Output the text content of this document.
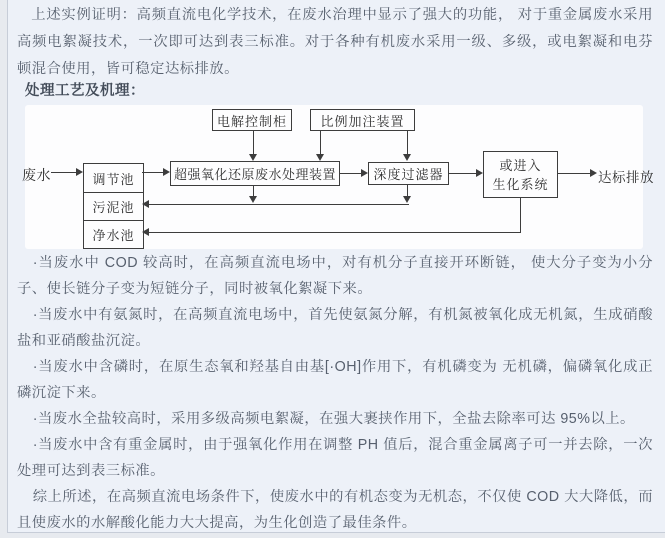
上述实例证明：高频直流电化学技术，在废水治理中显示了强大的功能， 对于重金属废水采用高频电絮凝技术，一次即可达到表三标准。对于各种有机废水采用一级、多级，或电絮凝和电芬顿混合使用，皆可稳定达标排放。

处理工艺及机理：
废水	达标排放
电解控制柜	比例加注装置
调节池
污泥池
净水池
超强氧化还原废水处理装置	深度过滤器
或进入
生化系统

·当废水中 COD 较高时，在高频直流电场中，对有机分子直接开环断链， 使大分子变为小分子、使长链分子变为短链分子，同时被氧化絮凝下来。

·当废水中有氨氮时，在高频直流电场中，首先使氨氮分解，有机氮被氧化成无机氮，生成硝酸盐和亚硝酸盐沉淀。

·当废水中含磷时，在原生态氧和羟基自由基[·OH]作用下，有机磷变为 无机磷，偏磷氧化成正磷沉淀下来。

·当废水全盐较高时，采用多级高频电絮凝，在强大裹挟作用下，全盐去除率可达 95%以上。

·当废水中含有重金属时，由于强氧化作用在调整 PH 值后，混合重金属离子可一并去除，一次处理可达到表三标准。

综上所述，在高频直流电场条件下，使废水中的有机态变为无机态，不仅使 COD 大大降低，而且使废水的水解酸化能力大大提高，为生化创造了最佳条件。
